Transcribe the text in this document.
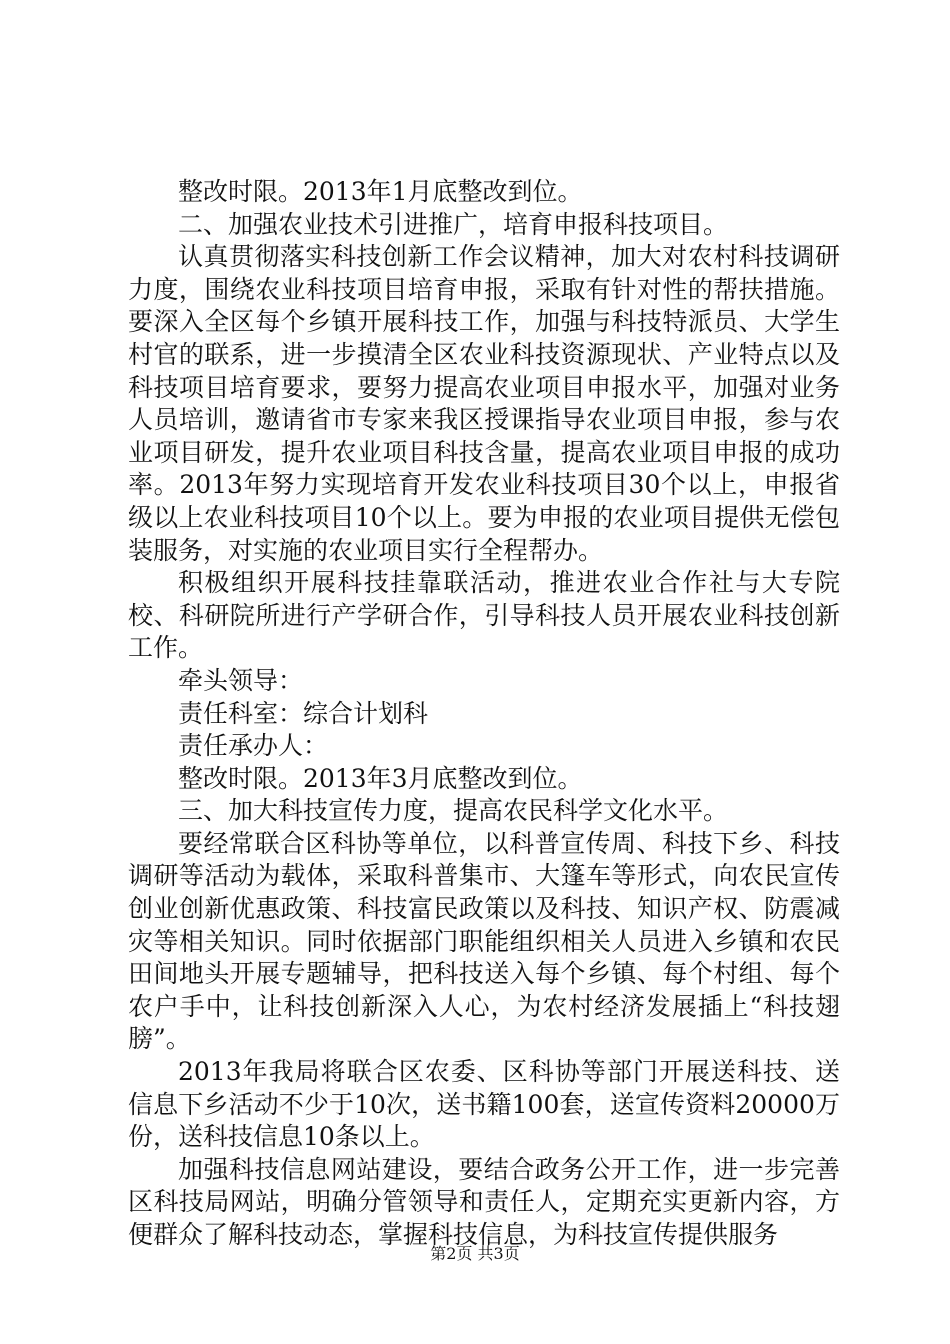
整改时限。2013年1月底整改到位。

二、加强农业技术引进推广，培育申报科技项目。

认真贯彻落实科技创新工作会议精神，加大对农村科技调研力度，围绕农业科技项目培育申报，采取有针对性的帮扶措施。要深入全区每个乡镇开展科技工作，加强与科技特派员、大学生村官的联系，进一步摸清全区农业科技资源现状、产业特点以及科技项目培育要求，要努力提高农业项目申报水平，加强对业务人员培训，邀请省市专家来我区授课指导农业项目申报，参与农业项目研发，提升农业项目科技含量，提高农业项目申报的成功率。2013年努力实现培育开发农业科技项目30个以上，申报省级以上农业科技项目10个以上。要为申报的农业项目提供无偿包装服务，对实施的农业项目实行全程帮办。

积极组织开展科技挂靠联活动，推进农业合作社与大专院校、科研院所进行产学研合作，引导科技人员开展农业科技创新工作。

牵头领导：

责任科室：综合计划科

责任承办人：

整改时限。2013年3月底整改到位。

三、加大科技宣传力度，提高农民科学文化水平。

要经常联合区科协等单位，以科普宣传周、科技下乡、科技调研等活动为载体，采取科普集市、大篷车等形式，向农民宣传创业创新优惠政策、科技富民政策以及科技、知识产权、防震减灾等相关知识。同时依据部门职能组织相关人员进入乡镇和农民田间地头开展专题辅导，把科技送入每个乡镇、每个村组、每个农户手中，让科技创新深入人心，为农村经济发展插上“科技翅膀”。

2013年我局将联合区农委、区科协等部门开展送科技、送信息下乡活动不少于10次，送书籍100套，送宣传资料20000万份，送科技信息10条以上。

加强科技信息网站建设，要结合政务公开工作，进一步完善区科技局网站，明确分管领导和责任人，定期充实更新内容，方便群众了解科技动态，掌握科技信息，为科技宣传提供服务

第2页 共3页
